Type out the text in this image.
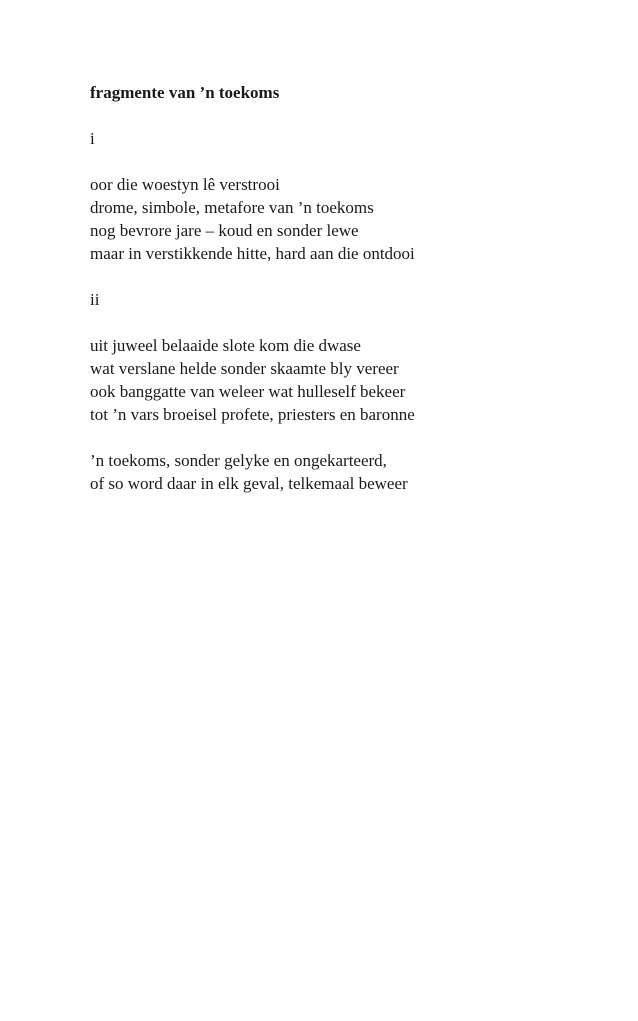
fragmente van ’n toekoms

i

oor die woestyn lê verstrooi

drome, simbole, metafore van ’n toekoms

nog bevrore jare – koud en sonder lewe

maar in verstikkende hitte, hard aan die ontdooi

ii

uit juweel belaaide slote kom die dwase

wat verslane helde sonder skaamte bly vereer

ook banggatte van weleer wat hulleself bekeer

tot ’n vars broeisel profete, priesters en baronne

’n toekoms, sonder gelyke en ongekarteerd,

of so word daar in elk geval, telkemaal beweer
